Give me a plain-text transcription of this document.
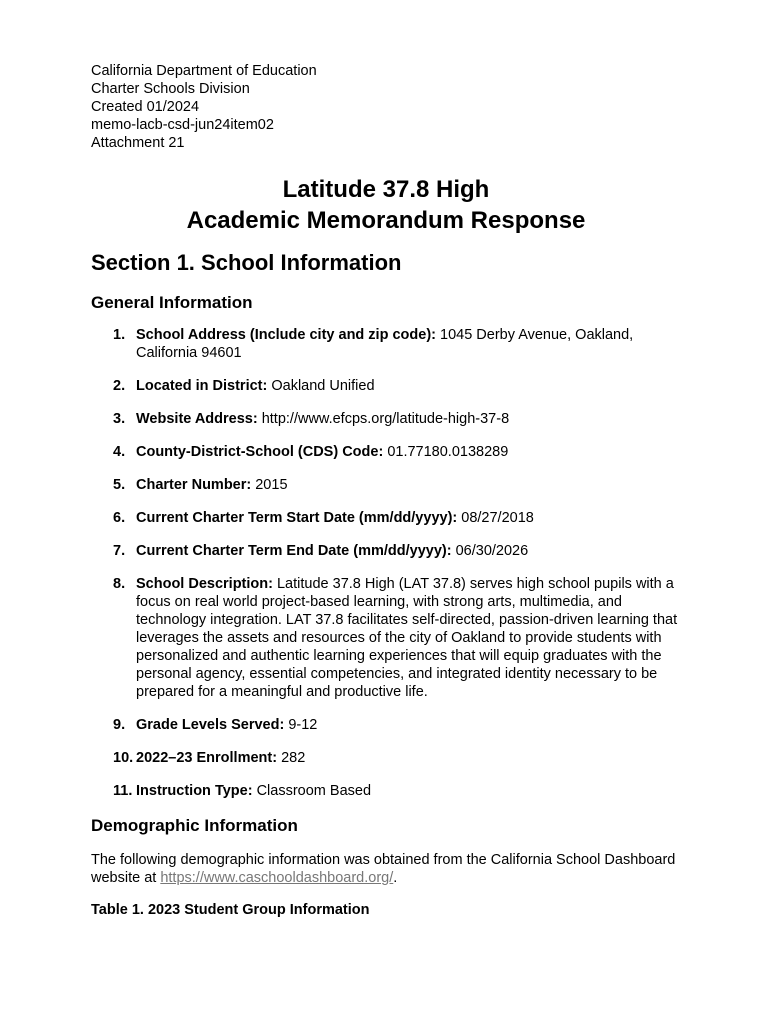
California Department of Education

Charter Schools Division

Created 01/2024

memo-lacb-csd-jun24item02

Attachment 21

Latitude 37.8 High

Academic Memorandum Response

Section 1. School Information
General Information
1. School Address (Include city and zip code): 1045 Derby Avenue, Oakland, California 94601
2. Located in District: Oakland Unified
3. Website Address: http://www.efcps.org/latitude-high-37-8
4. County-District-School (CDS) Code: 01.77180.0138289
5. Charter Number: 2015
6. Current Charter Term Start Date (mm/dd/yyyy): 08/27/2018
7. Current Charter Term End Date (mm/dd/yyyy): 06/30/2026
8. School Description: Latitude 37.8 High (LAT 37.8) serves high school pupils with a focus on real world project-based learning, with strong arts, multimedia, and technology integration. LAT 37.8 facilitates self-directed, passion-driven learning that leverages the assets and resources of the city of Oakland to provide students with personalized and authentic learning experiences that will equip graduates with the personal agency, essential competencies, and integrated identity necessary to be prepared for a meaningful and productive life.
9. Grade Levels Served: 9-12
10. 2022–23 Enrollment: 282
11. Instruction Type: Classroom Based
Demographic Information

The following demographic information was obtained from the California School Dashboard website at https://www.caschooldashboard.org/.

Table 1. 2023 Student Group Information
